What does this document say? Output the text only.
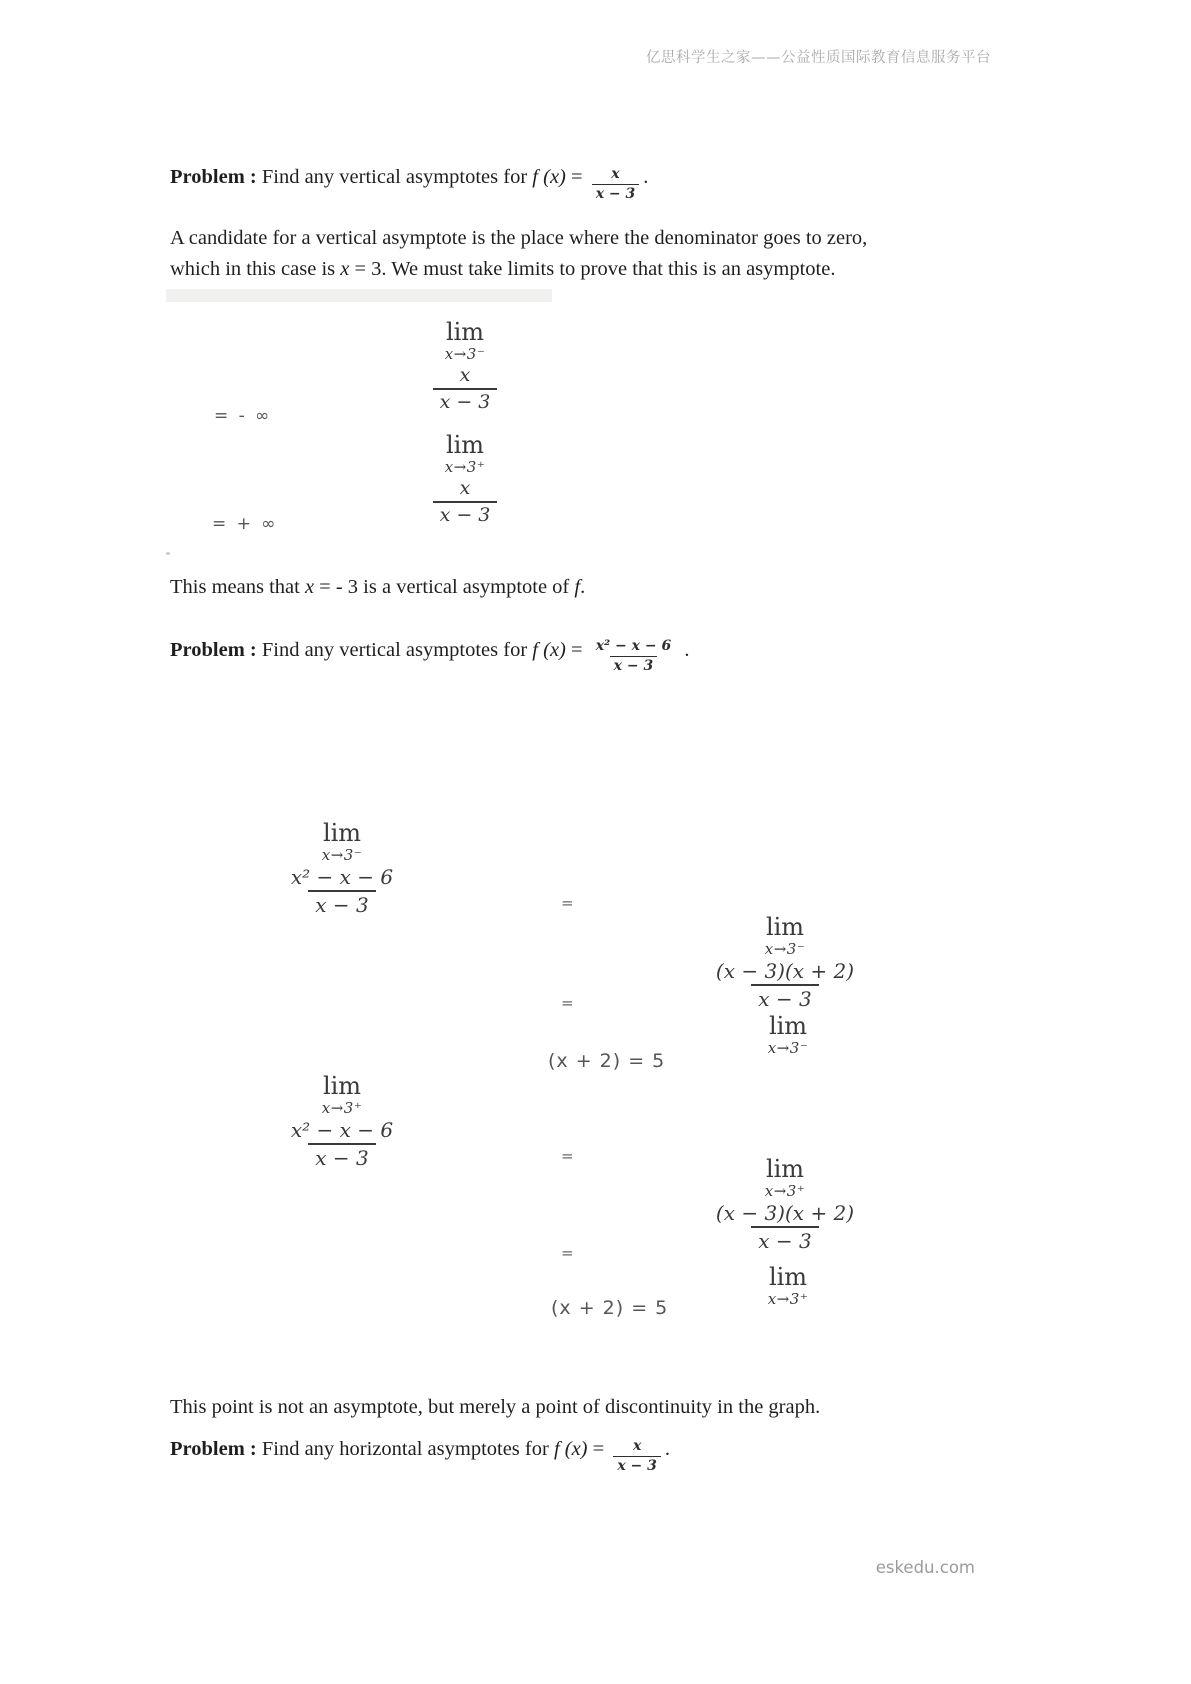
亿思科学生之家——公益性质国际教育信息服务平台
Problem : Find any vertical asymptotes for f $(x) = \frac{x}{x - 3}$ .
A candidate for a vertical asymptote is the place where the denominator goes to zero,
which in this case is x = 3. We must take limits to prove that this is an asymptote.
lim
x→3⁻
$\frac{x}{x - 3}$
= - ∞
lim
x→3⁺
$\frac{x}{x - 3}$
= + ∞
This means that x = - 3 is a vertical asymptote of f.
Problem : Find any vertical asymptotes for f $(x) = \frac{\text{x² − x − 6}}{x - 3}$ .
lim
x→3⁻
$\frac{\text{x² − x − 6}}{x - 3}$	=
lim
x→3⁻
$\frac{(x - 3)(x + 2)}{x - 3}$
=
lim
x→3⁻
(x + 2) = 5
lim
x→3⁺
$\frac{\text{x² − x − 6}}{x - 3}$	=	lim
x→3⁺
$\frac{(x - 3)(x + 2)}{x - 3}$
=
lim
x→3⁺
(x + 2) = 5
This point is not an asymptote, but merely a point of discontinuity in the graph.
Problem : Find any horizontal asymptotes for f $(x) = \frac{x}{x - 3}$ .
eskedu.com
